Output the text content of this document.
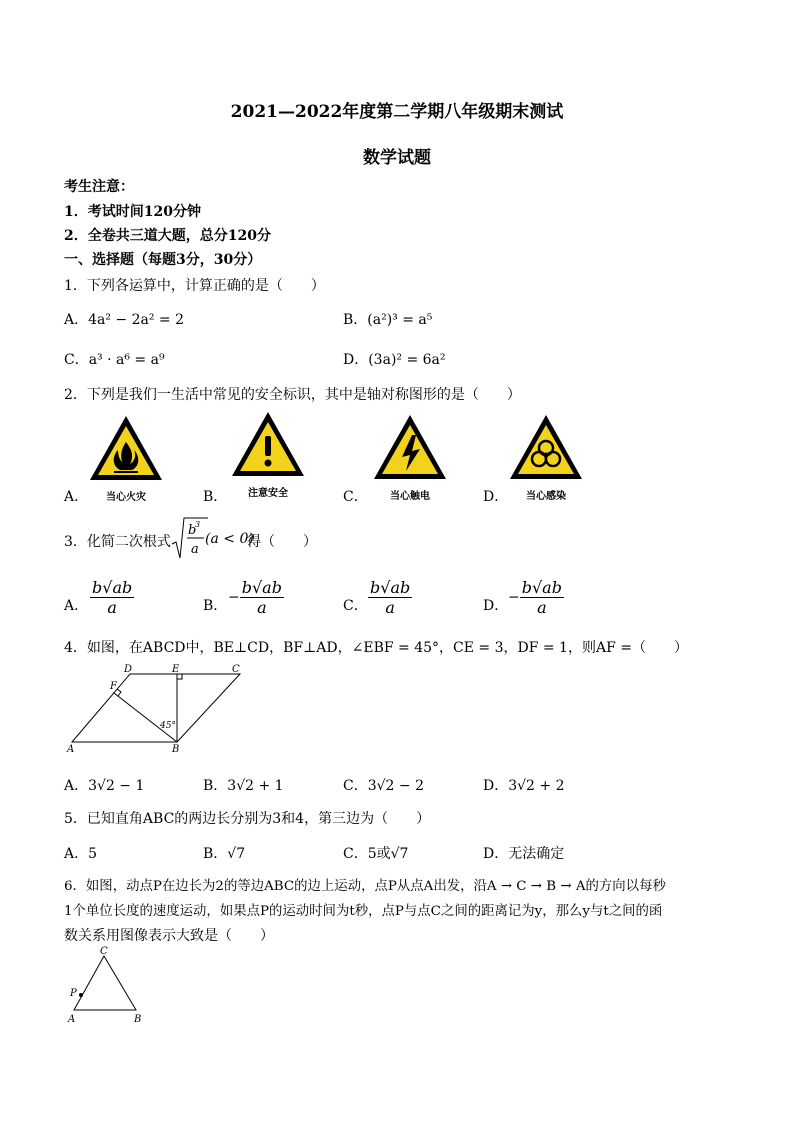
2021—2022年度第二学期八年级期末测试
数学试题
考生注意：
1．考试时间120分钟
2．全卷共三道大题，总分120分
一、选择题（每题3分，30分）
1．下列各运算中，计算正确的是（　　）
A．4a² − 2a² = 2	B．(a²)³ = a⁵
C．a³ · a⁶ = a⁹	D．(3a)² = 6a²
2．下列是我们一生活中常见的安全标识，其中是轴对称图形的是（　　）
当心火灾
A．	注意安全
B．	当心触电
C．	当心感染
D．
3．化简二次根式
b
3
a
(a < 0)
得（　　）
A． $\frac{b√ab}{a}$	B．
− $\frac{b√ab}{a}$	C． $\frac{b√ab}{a}$	D．
− $\frac{b√ab}{a}$
4．如图，在ABCD中，BE⊥CD，BF⊥AD，∠EBF = 45°，CE = 3，DF = 1，则AF =（　　）
D	E	C
F
45°
A	B
A．3√2 − 1	B．3√2 + 1	C．3√2 − 2	D．3√2 + 2
5．已知直角ABC的两边长分别为3和4，第三边为（　　）
A．5	B．√7	C．5或√7	D．无法确定
6．如图，动点P在边长为2的等边ABC的边上运动，点P从点A出发，沿A → C → B → A的方向以每秒
1个单位长度的速度运动，如果点P的运动时间为t秒，点P与点C之间的距离记为y，那么y与t之间的函
数关系用图像表示大致是（　　）
C
P
A	B
